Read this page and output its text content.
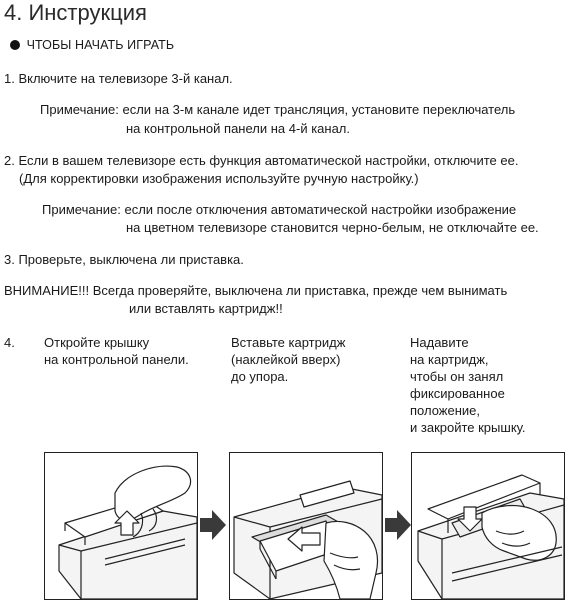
4. Инструкция
ЧТОБЫ НАЧАТЬ ИГРАТЬ
1. Включите на телевизоре 3-й канал.
Примечание: если на 3-м канале идет трансляция, установите переключатель
на контрольной панели на 4-й канал.
2. Если в вашем телевизоре есть функция автоматической настройки, отключите ее.
(Для корректировки изображения используйте ручную настройку.)
Примечание: если после отключения автоматической настройки изображение
на цветном телевизоре становится черно-белым, не отключайте ее.
3. Проверьте, выключена ли приставка.
ВНИМАНИЕ!!! Всегда проверяйте, выключена ли приставка, прежде чем вынимать
или вставлять картридж!!
4. Откройте крышку
на контрольной панели.
Вставьте картридж
(наклейкой вверх)
до упора.
Надавите
на картридж,
чтобы он занял
фиксированное
положение,
и закройте крышку.
